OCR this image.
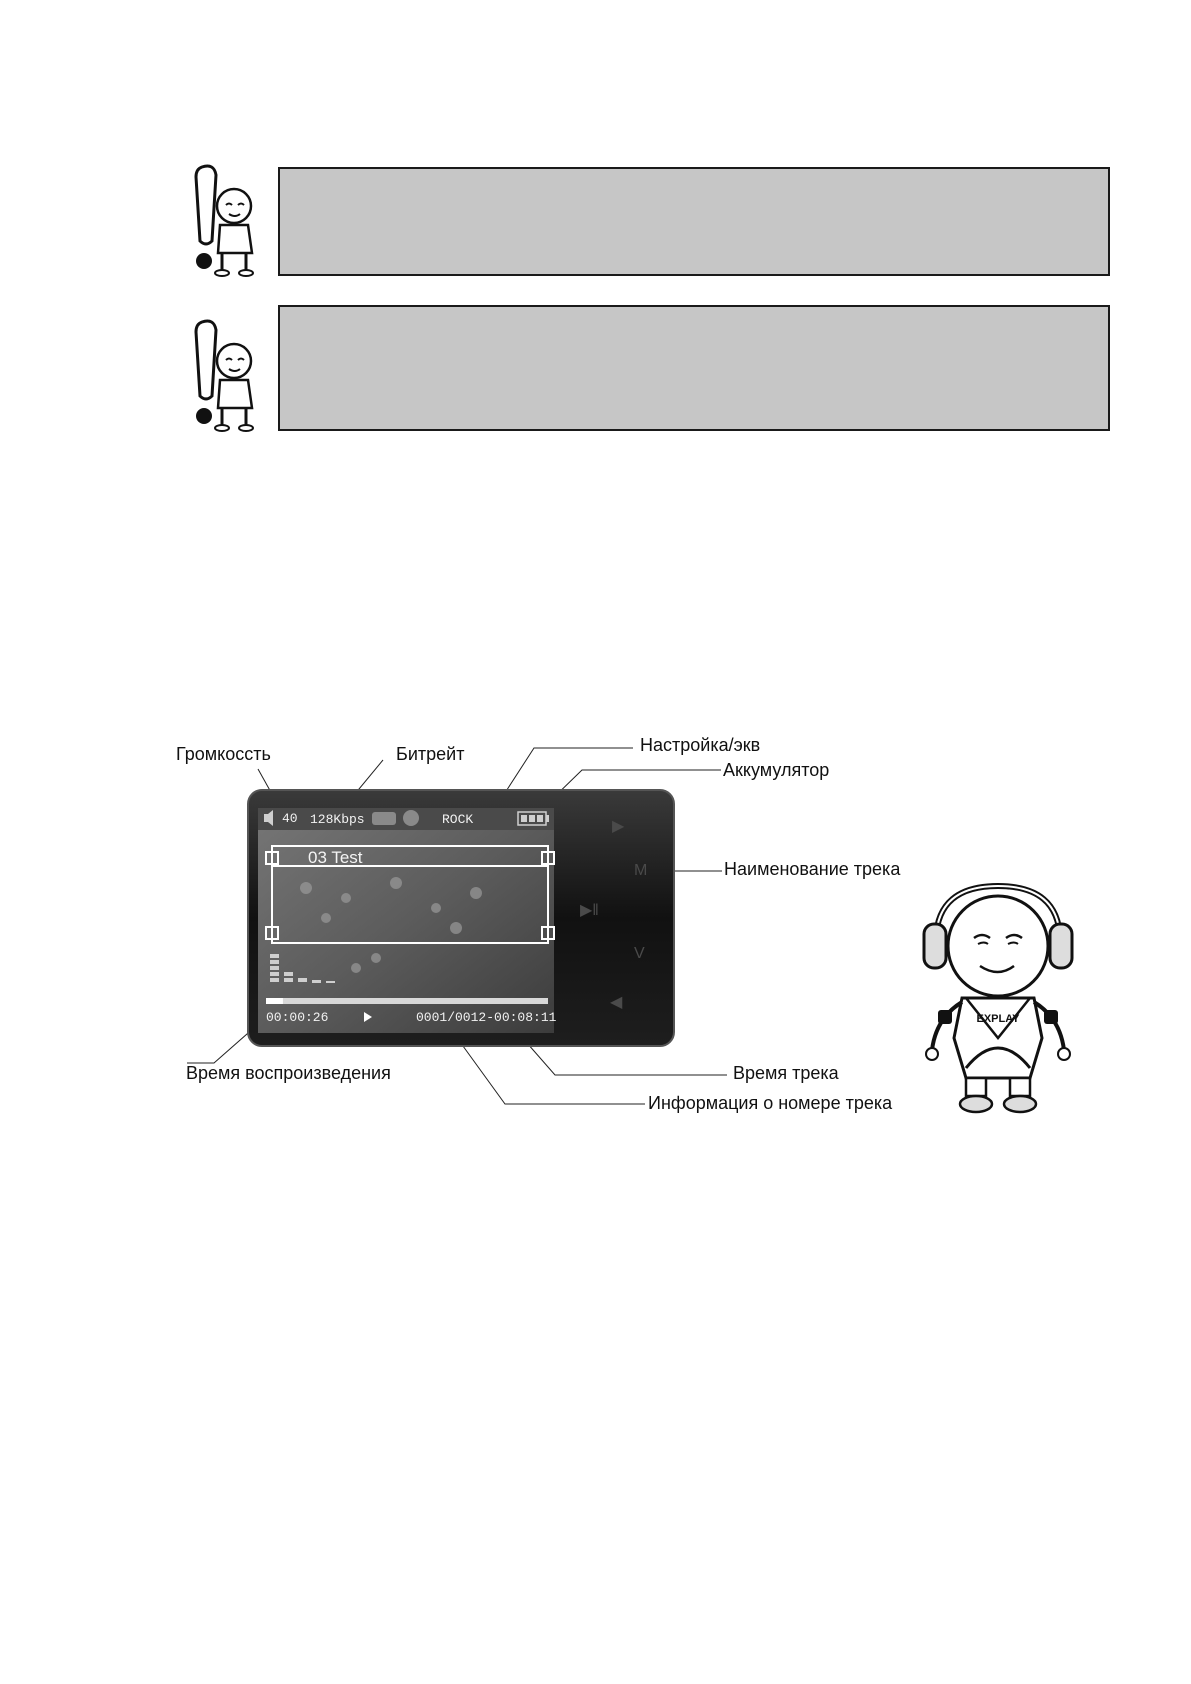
Громкосcть	Битрейт	Настройка/экв
Аккумулятор
Наименование трека
Время воспроизведения	Время трека
Информация о номере трека
40 128Kbps	ROCK
03 Test
00:00:26	0001/0012-00:08:11
▶
M
▶ǁ
V
◀
EXPLAY
